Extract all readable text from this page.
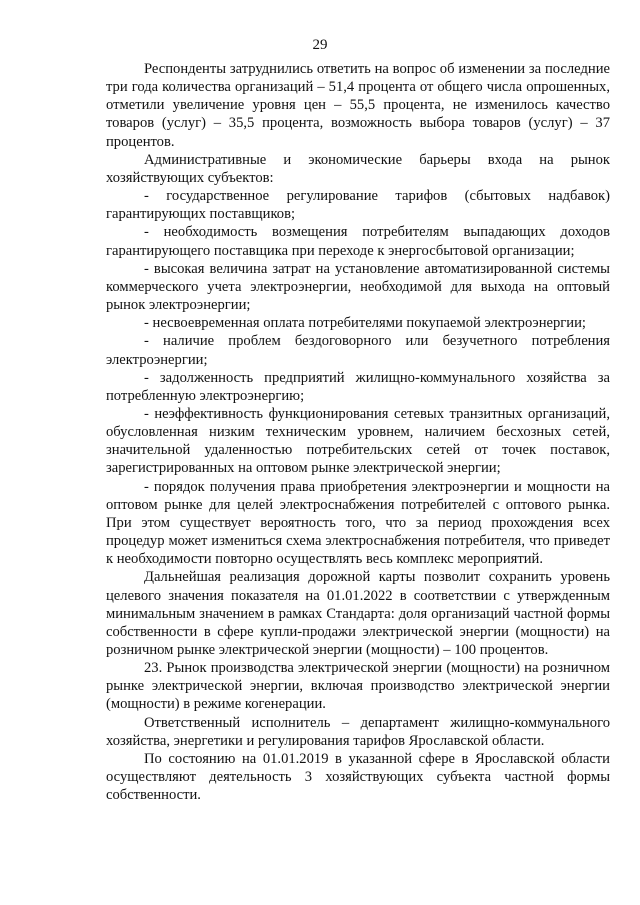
29

Респонденты затруднились ответить на вопрос об изменении за последние три года количества организаций – 51,4 процента от общего числа опрошенных, отметили увеличение уровня цен – 55,5 процента, не изменилось качество товаров (услуг) – 35,5 процента, возможность выбора товаров (услуг) – 37 процентов.

Административные и экономические барьеры входа на рынок хозяйствующих субъектов:

- государственное регулирование тарифов (сбытовых надбавок) гарантирующих поставщиков;

- необходимость возмещения потребителям выпадающих доходов гарантирующего поставщика при переходе к энергосбытовой организации;

- высокая величина затрат на установление автоматизированной системы коммерческого учета электроэнергии, необходимой для выхода на оптовый рынок электроэнергии;

- несвоевременная оплата потребителями покупаемой электроэнергии;

- наличие проблем бездоговорного или безучетного потребления электроэнергии;

- задолженность предприятий жилищно-коммунального хозяйства за потребленную электроэнергию;

- неэффективность функционирования сетевых транзитных организаций, обусловленная низким техническим уровнем, наличием бесхозных сетей, значительной удаленностью потребительских сетей от точек поставок, зарегистрированных на оптовом рынке электрической энергии;

- порядок получения права приобретения электроэнергии и мощности на оптовом рынке для целей электроснабжения потребителей с оптового рынка. При этом существует вероятность того, что за период прохождения всех процедур может измениться схема электроснабжения потребителя, что приведет к необходимости повторно осуществлять весь комплекс мероприятий.

Дальнейшая реализация дорожной карты позволит сохранить уровень целевого значения показателя на 01.01.2022 в соответствии с утвержденным минимальным значением в рамках Стандарта: доля организаций частной формы собственности в сфере купли-продажи электрической энергии (мощности) на розничном рынке электрической энергии (мощности) – 100 процентов.

23. Рынок производства электрической энергии (мощности) на розничном рынке электрической энергии, включая производство электрической энергии (мощности) в режиме когенерации.

Ответственный исполнитель – департамент жилищно-коммунального хозяйства, энергетики и регулирования тарифов Ярославской области.

По состоянию на 01.01.2019 в указанной сфере в Ярославской области осуществляют деятельность 3 хозяйствующих субъекта частной формы собственности.
